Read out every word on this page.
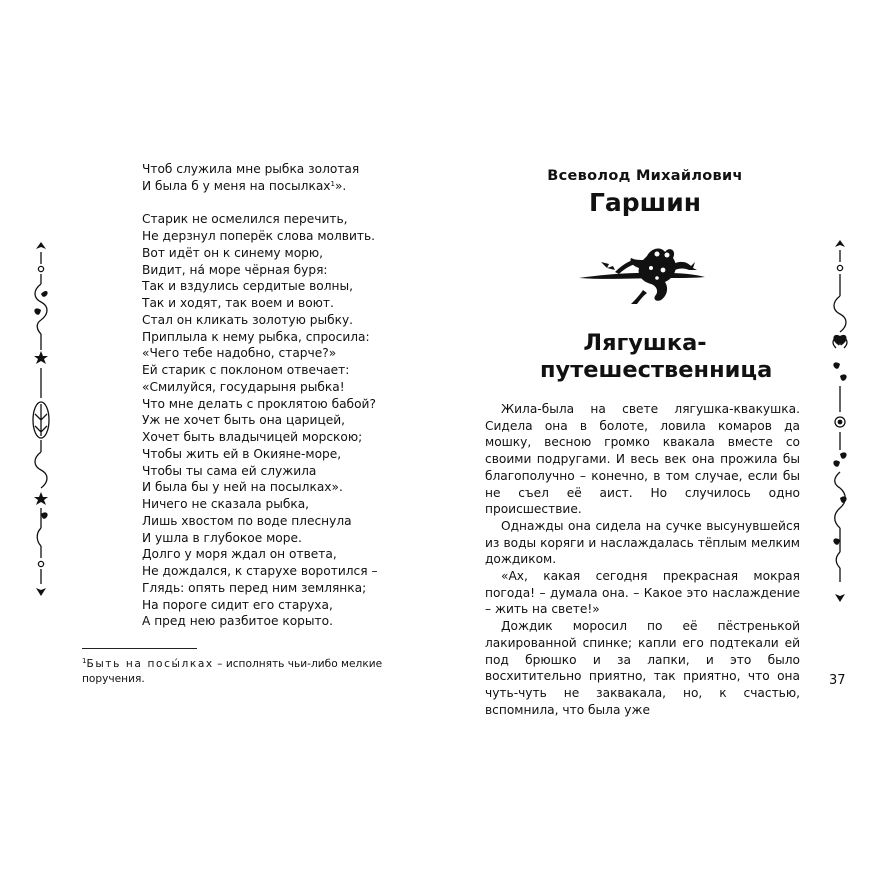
Чтоб служила мне рыбка золотая
И была б у меня на посылках$^1$».
Старик не осмелился перечить,
Не дерзнул поперёк слова молвить.
Вот идёт он к синему морю,
Видит, на́ море чёрная буря:
Так и вздулись сердитые волны,
Так и ходят, так воем и воют.
Стал он кликать золотую рыбку.
Приплыла к нему рыбка, спросила:
«Чего тебе надобно, старче?»
Ей старик с поклоном отвечает:
«Смилуйся, государыня рыбка!
Что мне делать с проклятою бабой?
Уж не хочет быть она царицей,
Хочет быть владычицей морскою;
Чтобы жить ей в Окияне-море,
Чтобы ты сама ей служила
И была бы у ней на посылках».
Ничего не сказала рыбка,
Лишь хвостом по воде плеснула
И ушла в глубокое море.
Долго у моря ждал он ответа,
Не дождался, к старухе воротился –
Глядь: опять перед ним землянка;
На пороге сидит его старуха,
А пред нею разбитое корыто.
$^1$Быть на посы́лках – исполнять чьи-либо мелкие поручения.
Всеволод Михайлович
Гаршин
Лягушка-
путешественница

Жила-была на свете лягушка-квакушка. Сидела она в болоте, ловила комаров да мошку, весною громко квакала вместе со своими подругами. И весь век она прожила бы благополучно – конечно, в том случае, если бы не съел её аист. Но случилось одно происшествие.

Однажды она сидела на сучке высунувшейся из воды коряги и наслаждалась тёплым мелким дождиком.

«Ах, какая сегодня прекрасная мокрая погода! – думала она. – Какое это наслаждение – жить на свете!»

Дождик моросил по её пёстренькой лакированной спинке; капли его подтекали ей под брюшко и за лапки, и это было восхитительно приятно, так приятно, что она чуть-чуть не заквакала, но, к счастью, вспомнила, что была уже

37
